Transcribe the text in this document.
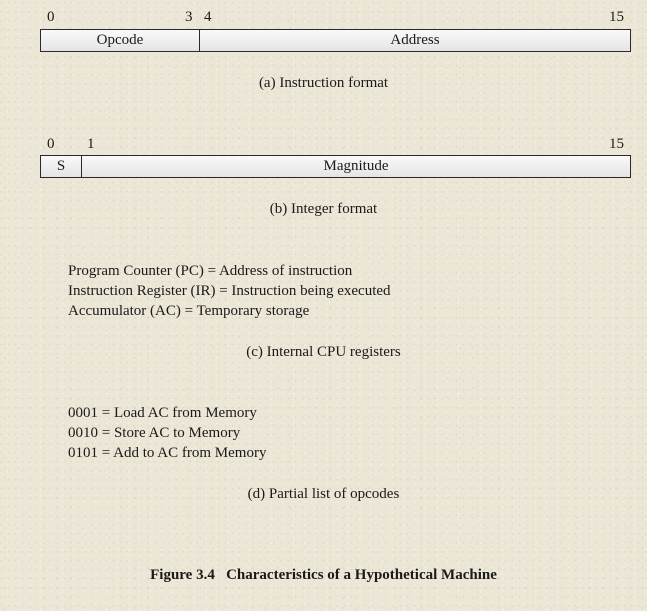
0	3 4	15
Opcode	Address
(a) Instruction format
0 1	15
S	Magnitude
(b) Integer format
Program Counter (PC) = Address of instruction
Instruction Register (IR) = Instruction being executed
Accumulator (AC) = Temporary storage
(c) Internal CPU registers
0001 = Load AC from Memory
0010 = Store AC to Memory
0101 = Add to AC from Memory
(d) Partial list of opcodes
Figure 3.4   Characteristics of a Hypothetical Machine
